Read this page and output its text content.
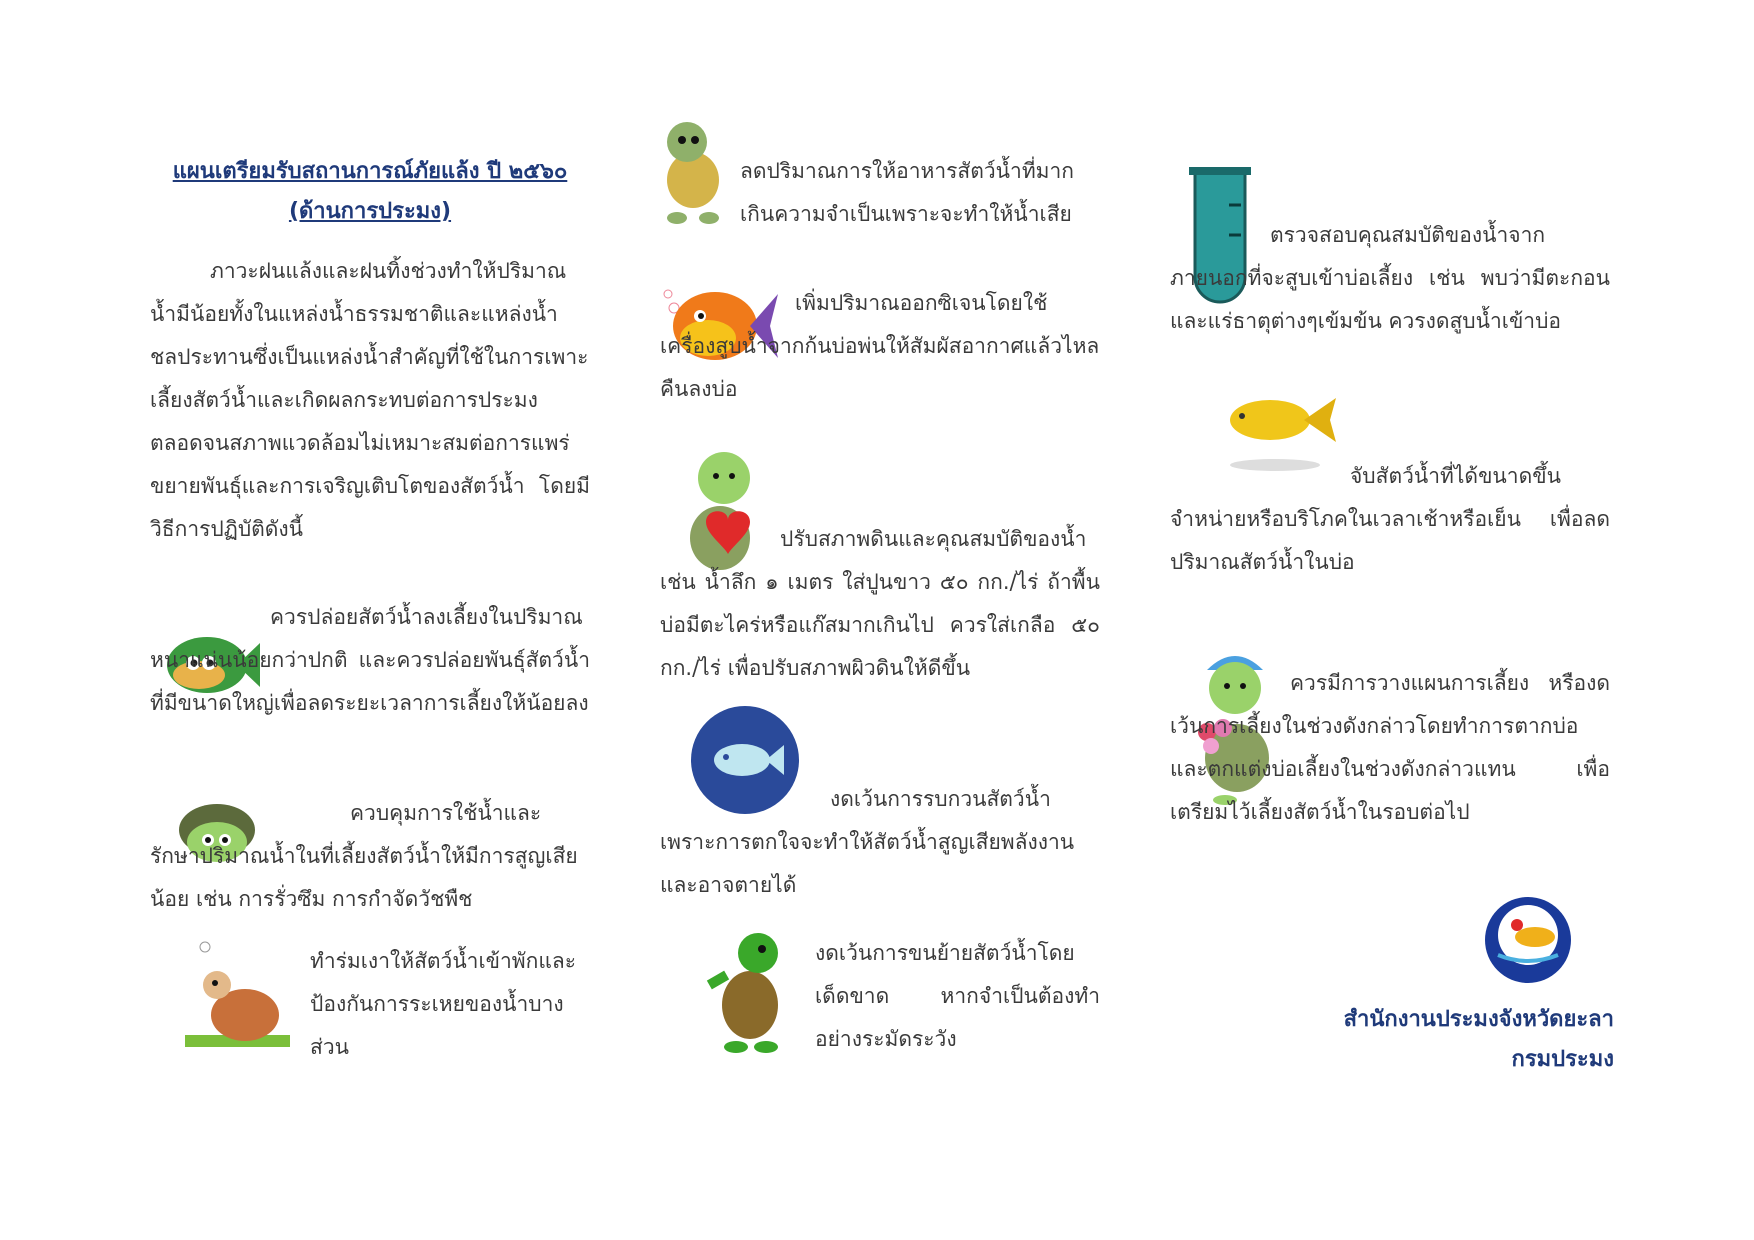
แผนเตรียมรับสถานการณ์ภัยแล้ง ปี ๒๕๖๐
(ด้านการประมง)
ภาวะฝนแล้งและฝนทิ้งช่วงทำให้ปริมาณน้ำมีน้อยทั้งในแหล่งน้ำธรรมชาติและแหล่งน้ำชลประทานซึ่งเป็นแหล่งน้ำสำคัญที่ใช้ในการเพาะเลี้ยงสัตว์น้ำและเกิดผลกระทบต่อการประมงตลอดจนสภาพแวดล้อมไม่เหมาะสมต่อการแพร่ขยายพันธุ์และการเจริญเติบโตของสัตว์น้ำ โดยมีวิธีการปฏิบัติดังนี้
ควรปล่อยสัตว์น้ำลงเลี้ยงในปริมาณหนาแน่นน้อยกว่าปกติ และควรปล่อยพันธุ์สัตว์น้ำที่มีขนาดใหญ่เพื่อลดระยะเวลาการเลี้ยงให้น้อยลง
ควบคุมการใช้น้ำและรักษาปริมาณน้ำในที่เลี้ยงสัตว์น้ำให้มีการสูญเสียน้อย เช่น การรั่วซึม การกำจัดวัชพืช
ทำร่มเงาให้สัตว์น้ำเข้าพักและป้องกันการระเหยของน้ำบางส่วน
ลดปริมาณการให้อาหารสัตว์น้ำที่มากเกินความจำเป็นเพราะจะทำให้น้ำเสีย
เพิ่มปริมาณออกซิเจนโดยใช้เครื่องสูบน้ำจากก้นบ่อพ่นให้สัมผัสอากาศแล้วไหลคืนลงบ่อ
ปรับสภาพดินและคุณสมบัติของน้ำ เช่น น้ำลึก ๑ เมตร ใส่ปูนขาว ๕๐ กก./ไร่ ถ้าพื้นบ่อมีตะไคร่หรือแก๊สมากเกินไป ควรใส่เกลือ ๕๐ กก./ไร่ เพื่อปรับสภาพผิวดินให้ดีขึ้น
งดเว้นการรบกวนสัตว์น้ำเพราะการตกใจจะทำให้สัตว์น้ำสูญเสียพลังงานและอาจตายได้
งดเว้นการขนย้ายสัตว์น้ำโดยเด็ดขาด หากจำเป็นต้องทำอย่างระมัดระวัง
ตรวจสอบคุณสมบัติของน้ำจากภายนอกที่จะสูบเข้าบ่อเลี้ยง เช่น พบว่ามีตะกอนและแร่ธาตุต่างๆเข้มข้น ควรงดสูบน้ำเข้าบ่อ
จับสัตว์น้ำที่ได้ขนาดขึ้นจำหน่ายหรือบริโภคในเวลาเช้าหรือเย็น เพื่อลดปริมาณสัตว์น้ำในบ่อ
ควรมีการวางแผนการเลี้ยง หรืองดเว้นการเลี้ยงในช่วงดังกล่าวโดยทำการตากบ่อและตกแต่งบ่อเลี้ยงในช่วงดังกล่าวแทน เพื่อเตรียมไว้เลี้ยงสัตว์น้ำในรอบต่อไป
สำนักงานประมงจังหวัดยะลา
กรมประมง
